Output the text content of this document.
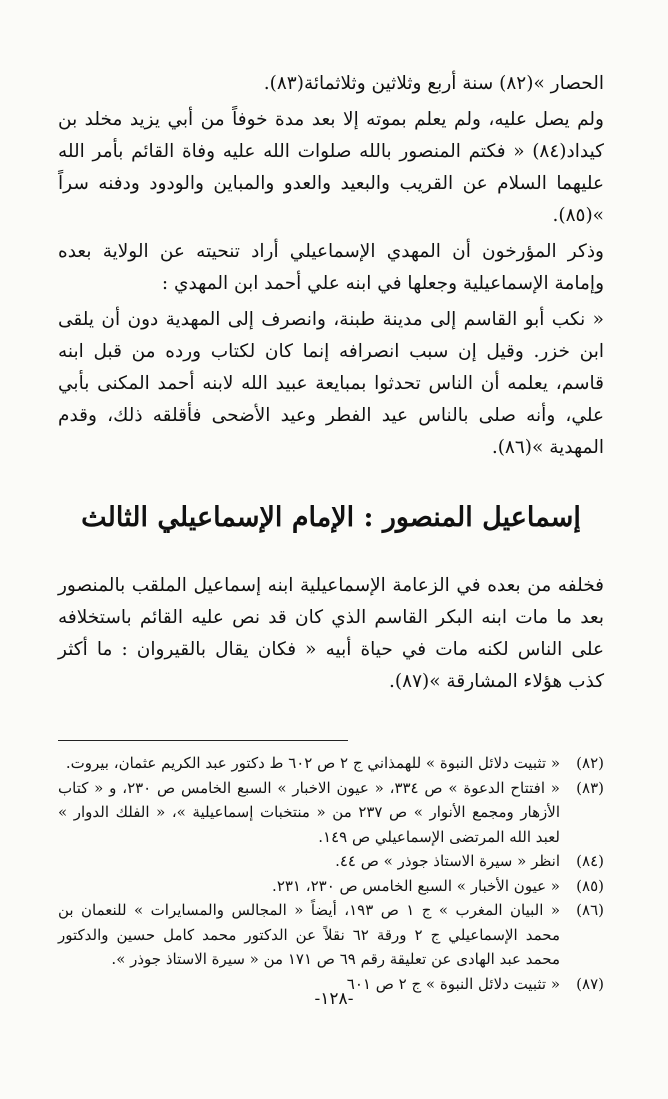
الحصار »(٨٢) سنة أربع وثلاثين وثلاثمائة(٨٣).

ولم يصل عليه، ولم يعلم بموته إلا بعد مدة خوفاً من أبي يزيد مخلد بن كيداد(٨٤) « فكتم المنصور بالله صلوات الله عليه وفاة القائم بأمر الله عليهما السلام عن القريب والبعيد والعدو والمباين والودود ودفنه سراً »(٨٥).

وذكر المؤرخون أن المهدي الإسماعيلي أراد تنحيته عن الولاية بعده وإمامة الإسماعيلية وجعلها في ابنه علي أحمد ابن المهدي :

« نكب أبو القاسم إلى مدينة طبنة، وانصرف إلى المهدية دون أن يلقى ابن خزر. وقيل إن سبب انصرافه إنما كان لكتاب ورده من قبل ابنه قاسم، يعلمه أن الناس تحدثوا بمبايعة عبيد الله لابنه أحمد المكنى بأبي علي، وأنه صلى بالناس عيد الفطر وعيد الأضحى فأقلقه ذلك، وقدم المهدية »(٨٦).

إسماعيل المنصور : الإمام الإسماعيلي الثالث

فخلفه من بعده في الزعامة الإسماعيلية ابنه إسماعيل الملقب بالمنصور بعد ما مات ابنه البكر القاسم الذي كان قد نص عليه القائم باستخلافه على الناس لكنه مات في حياة أبيه « فكان يقال بالقيروان : ما أكثر كذب هؤلاء المشارقة »(٨٧).

(٨٢)
« تثبيت دلائل النبوة » للهمذاني ج ٢ ص ٦٠٢ ط دكتور عبد الكريم عثمان، بيروت.
(٨٣)
« افتتاح الدعوة » ص ٣٣٤، « عيون الاخبار » السبع الخامس ص ٢٣٠، و « كتاب الأزهار ومجمع الأنوار » ص ٢٣٧ من « منتخبات إسماعيلية »، « الفلك الدوار » لعبد الله المرتضى الإسماعيلي ص ١٤٩.
(٨٤)
انظر « سيرة الاستاذ جوذر » ص ٤٤.
(٨٥)
« عيون الأخبار » السبع الخامس ص ٢٣٠، ٢٣١.
(٨٦)
« البيان المغرب » ج ١ ص ١٩٣، أيضاً « المجالس والمسايرات » للنعمان بن محمد الإسماعيلي ج ٢ ورقة ٦٢ نقلاً عن الدكتور محمد كامل حسين والدكتور محمد عبد الهادى عن تعليقة رقم ٦٩ ص ١٧١ من « سيرة الاستاذ جوذر ».
(٨٧)
« تثبيت دلائل النبوة » ج ٢ ص ٦٠١
-١٢٨-
